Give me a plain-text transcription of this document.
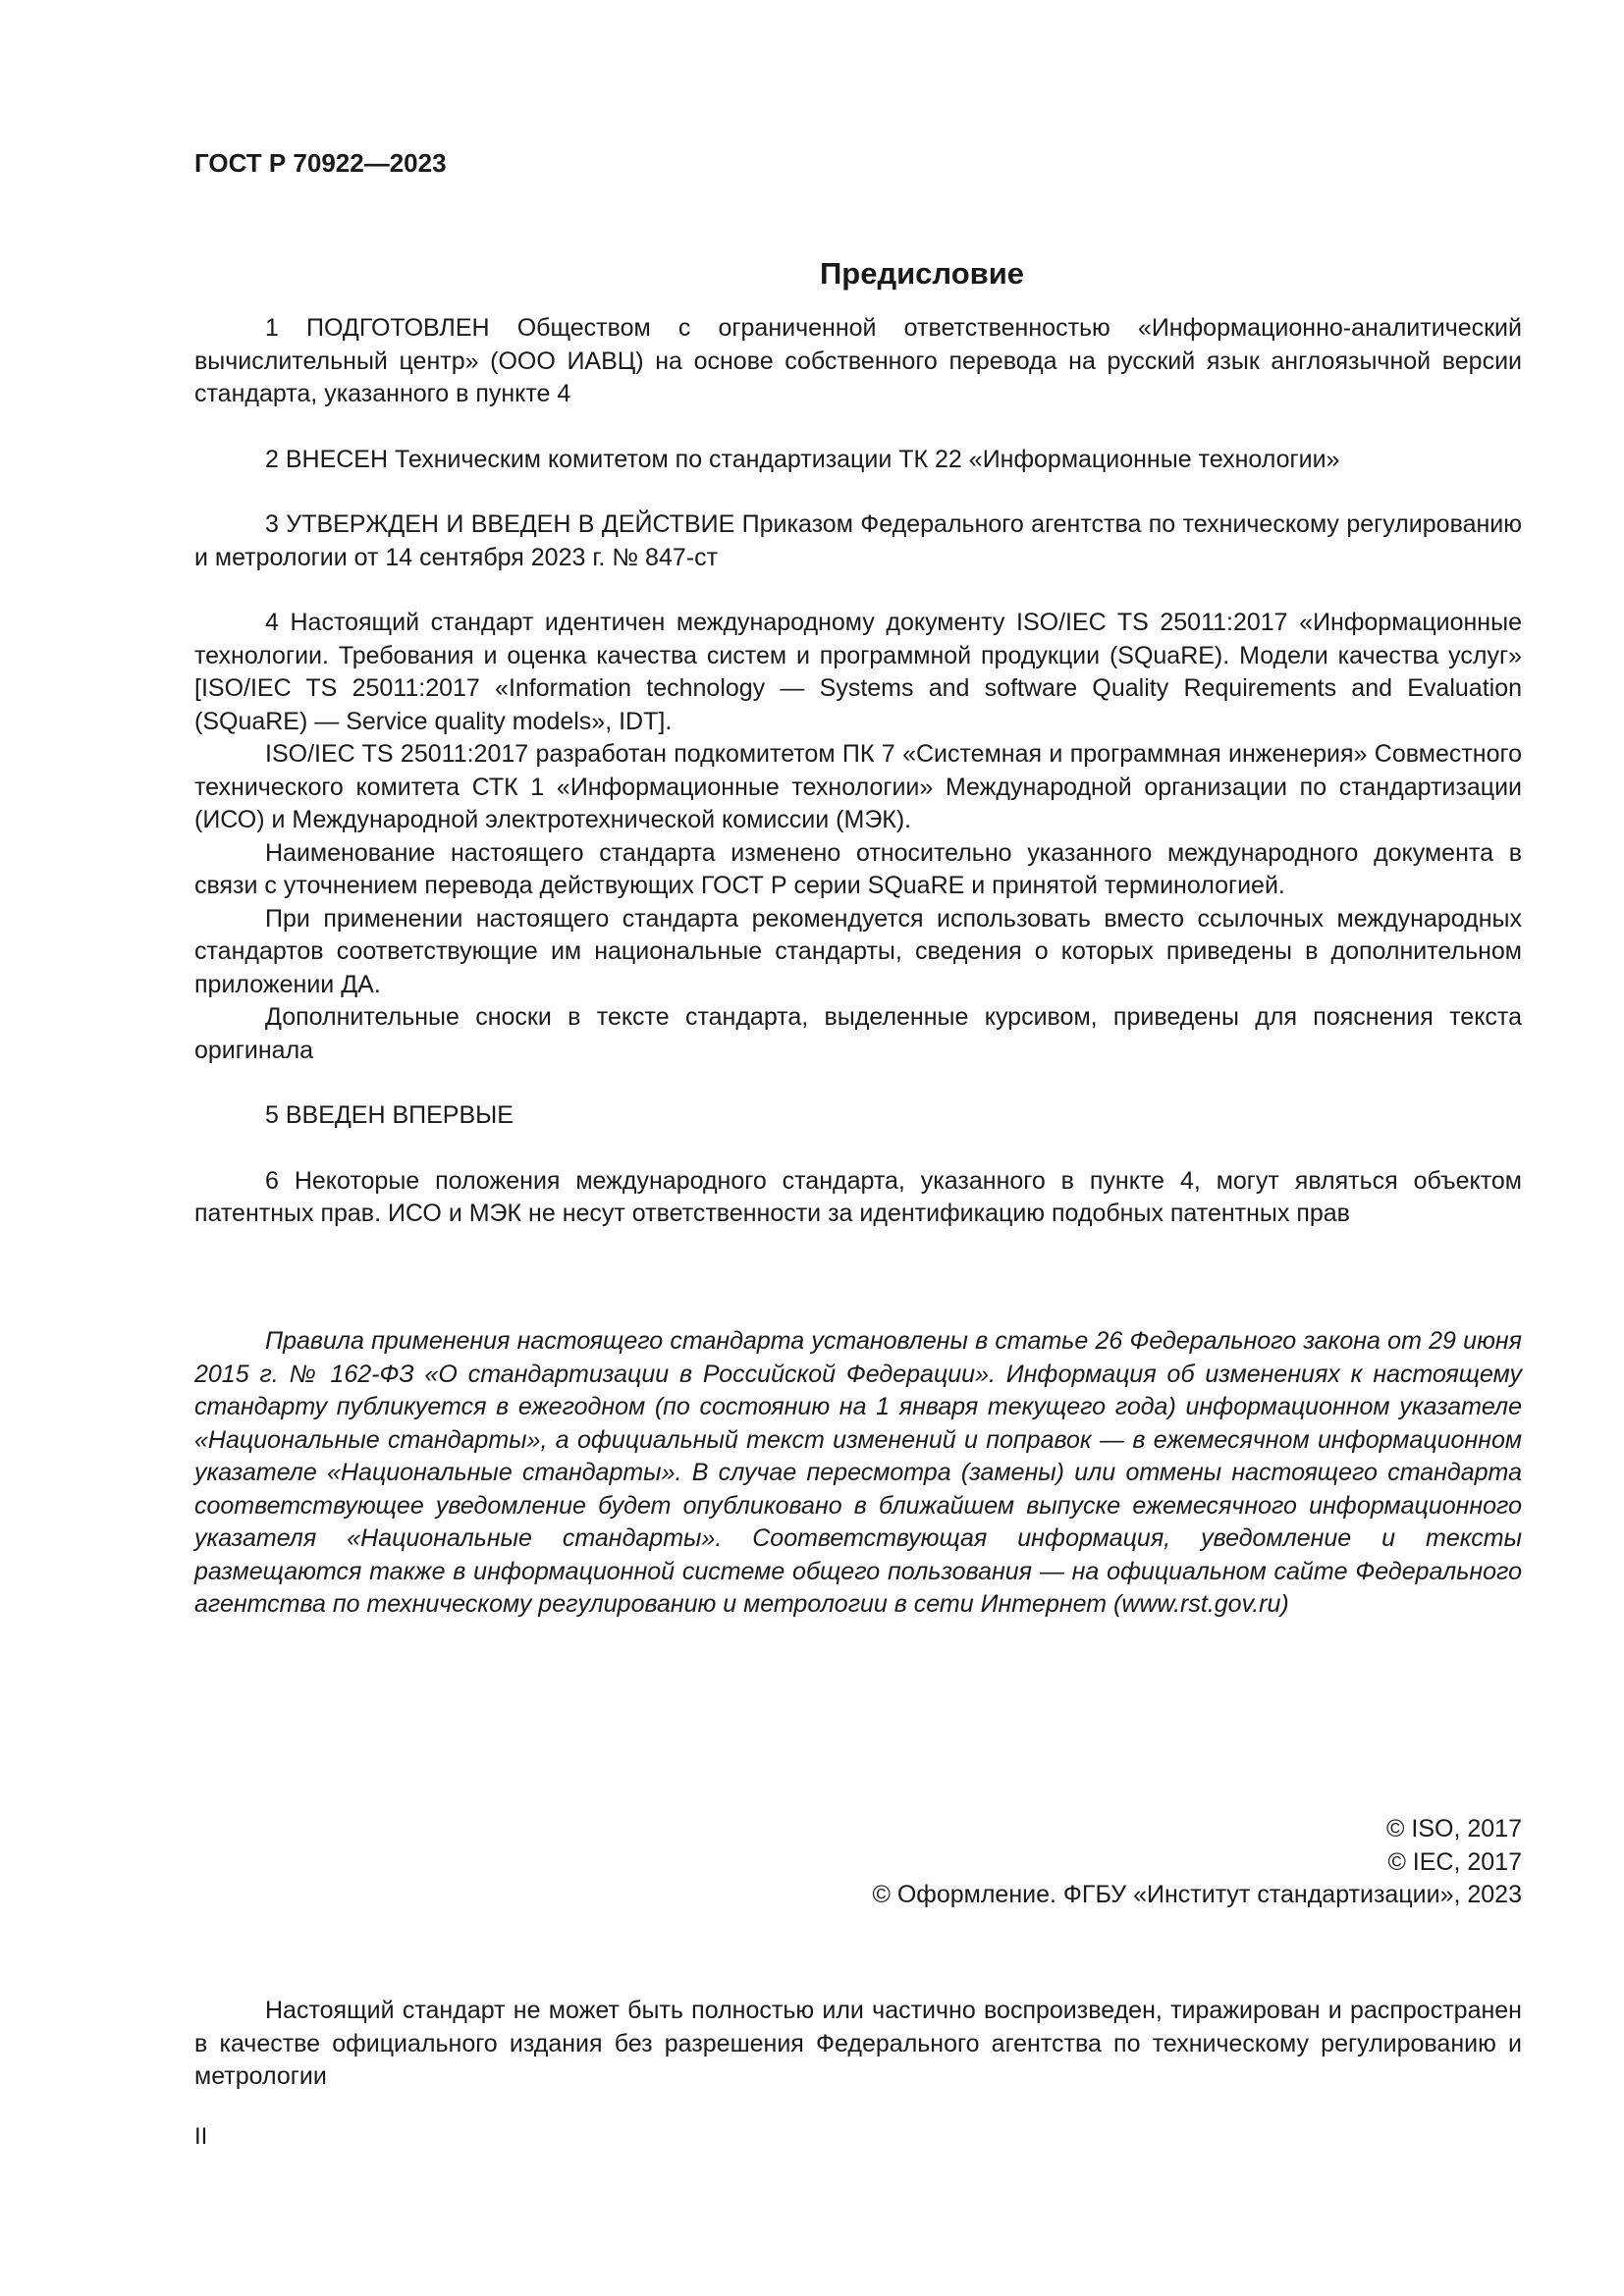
ГОСТ Р 70922—2023

Предисловие

1 ПОДГОТОВЛЕН Обществом с ограниченной ответственностью «Информационно-аналитический вычислительный центр» (ООО ИАВЦ) на основе собственного перевода на русский язык англоязычной версии стандарта, указанного в пункте 4

2 ВНЕСЕН Техническим комитетом по стандартизации ТК 22 «Информационные технологии»

3 УТВЕРЖДЕН И ВВЕДЕН В ДЕЙСТВИЕ Приказом Федерального агентства по техническому регулированию и метрологии от 14 сентября 2023 г. № 847-ст

4 Настоящий стандарт идентичен международному документу ISO/IEC TS 25011:2017 «Информационные технологии. Требования и оценка качества систем и программной продукции (SQuaRE). Модели качества услуг» [ISO/IEC TS 25011:2017 «Information technology — Systems and software Quality Requirements and Evaluation (SQuaRE) — Service quality models», IDT].

ISO/IEC TS 25011:2017 разработан подкомитетом ПК 7 «Системная и программная инженерия» Совместного технического комитета СТК 1 «Информационные технологии» Международной организации по стандартизации (ИСО) и Международной электротехнической комиссии (МЭК).

Наименование настоящего стандарта изменено относительно указанного международного документа в связи с уточнением перевода действующих ГОСТ Р серии SQuaRE и принятой терминологией.

При применении настоящего стандарта рекомендуется использовать вместо ссылочных международных стандартов соответствующие им национальные стандарты, сведения о которых приведены в дополнительном приложении ДА.

Дополнительные сноски в тексте стандарта, выделенные курсивом, приведены для пояснения текста оригинала

5 ВВЕДЕН ВПЕРВЫЕ

6 Некоторые положения международного стандарта, указанного в пункте 4, могут являться объектом патентных прав. ИСО и МЭК не несут ответственности за идентификацию подобных патентных прав

Правила применения настоящего стандарта установлены в статье 26 Федерального закона от 29 июня 2015 г. № 162-ФЗ «О стандартизации в Российской Федерации». Информация об изменениях к настоящему стандарту публикуется в ежегодном (по состоянию на 1 января текущего года) информационном указателе «Национальные стандарты», а официальный текст изменений и поправок — в ежемесячном информационном указателе «Национальные стандарты». В случае пересмотра (замены) или отмены настоящего стандарта соответствующее уведомление будет опубликовано в ближайшем выпуске ежемесячного информационного указателя «Национальные стандарты». Соответствующая информация, уведомление и тексты размещаются также в информационной системе общего пользования — на официальном сайте Федерального агентства по техническому регулированию и метрологии в сети Интернет (www.rst.gov.ru)

© ISO, 2017
© IEC, 2017
© Оформление. ФГБУ «Институт стандартизации», 2023

Настоящий стандарт не может быть полностью или частично воспроизведен, тиражирован и распространен в качестве официального издания без разрешения Федерального агентства по техническому регулированию и метрологии

II
